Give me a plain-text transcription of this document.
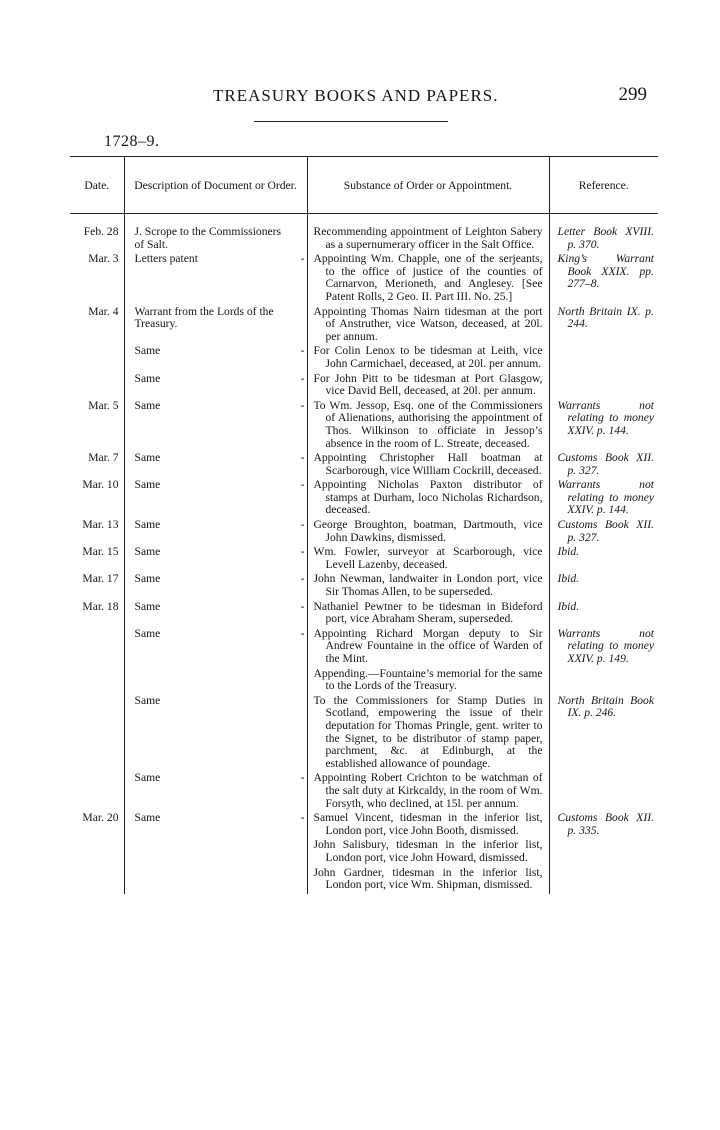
TREASURY BOOKS AND PAPERS.	299
1728–9.
Date.	Description of Document or Order.	Substance of Order or Appointment.	Reference.

Feb. 28	J. Scrope to the Commissioners of Salt.	Recommending appointment of Leighton Sabery as a supernumerary officer in the Salt Office.	Letter Book XVIII. p. 370.

Mar. 3	Letters patent -	Appointing Wm. Chapple, one of the serjeants, to the office of justice of the counties of Carnarvon, Merioneth, and Anglesey. [See Patent Rolls, 2 Geo. II. Part III. No. 25.]	King’s Warrant Book XXIX. pp. 277–8.

Mar. 4	Warrant from the Lords of the Treasury.	Appointing Thomas Nairn tidesman at the port of Anstruther, vice Watson, deceased, at 20l. per annum.	North Britain IX. p. 244.

	Same -	For Colin Lenox to be tidesman at Leith, vice John Carmichael, deceased, at 20l. per annum.	

	Same -	For John Pitt to be tidesman at Port Glasgow, vice David Bell, deceased, at 20l. per annum.	

Mar. 5	Same -	To Wm. Jessop, Esq. one of the Commissioners of Alienations, authorising the appointment of Thos. Wilkinson to officiate in Jessop’s absence in the room of L. Streate, deceased.	Warrants not relating to money XXIV. p. 144.

Mar. 7	Same -	Appointing Christopher Hall boatman at Scarborough, vice William Cockrill, deceased.	Customs Book XII. p. 327.

Mar. 10	Same -	Appointing Nicholas Paxton distributor of stamps at Durham, loco Nicholas Richardson, deceased.	Warrants not relating to money XXIV. p. 144.

Mar. 13	Same -	George Broughton, boatman, Dartmouth, vice John Dawkins, dismissed.	Customs Book XII. p. 327.

Mar. 15	Same -	Wm. Fowler, surveyor at Scarborough, vice Levell Lazenby, deceased.	Ibid.

Mar. 17	Same -	John Newman, landwaiter in London port, vice Sir Thomas Allen, to be superseded.	Ibid.

Mar. 18	Same -	Nathaniel Pewtner to be tidesman in Bideford port, vice Abraham Sheram, superseded.	Ibid.

	Same -	Appointing Richard Morgan deputy to Sir Andrew Fountaine in the office of Warden of the Mint.
Appending.—Fountaine’s memorial for the same to the Lords of the Treasury.	Warrants not relating to money XXIV. p. 149.

	Same	To the Commissioners for Stamp Duties in Scotland, empowering the issue of their deputation for Thomas Pringle, gent. writer to the Signet, to be distributor of stamp paper, parchment, &c. at Edinburgh, at the established allowance of poundage.	North Britain Book IX. p. 246.

	Same -	Appointing Robert Crichton to be watchman of the salt duty at Kirkcaldy, in the room of Wm. Forsyth, who declined, at 15l. per annum.	

Mar. 20	Same -	Samuel Vincent, tidesman in the inferior list, London port, vice John Booth, dismissed.
John Salisbury, tidesman in the inferior list, London port, vice John Howard, dismissed.
John Gardner, tidesman in the inferior list, London port, vice Wm. Shipman, dismissed.	Customs Book XII. p. 335.
